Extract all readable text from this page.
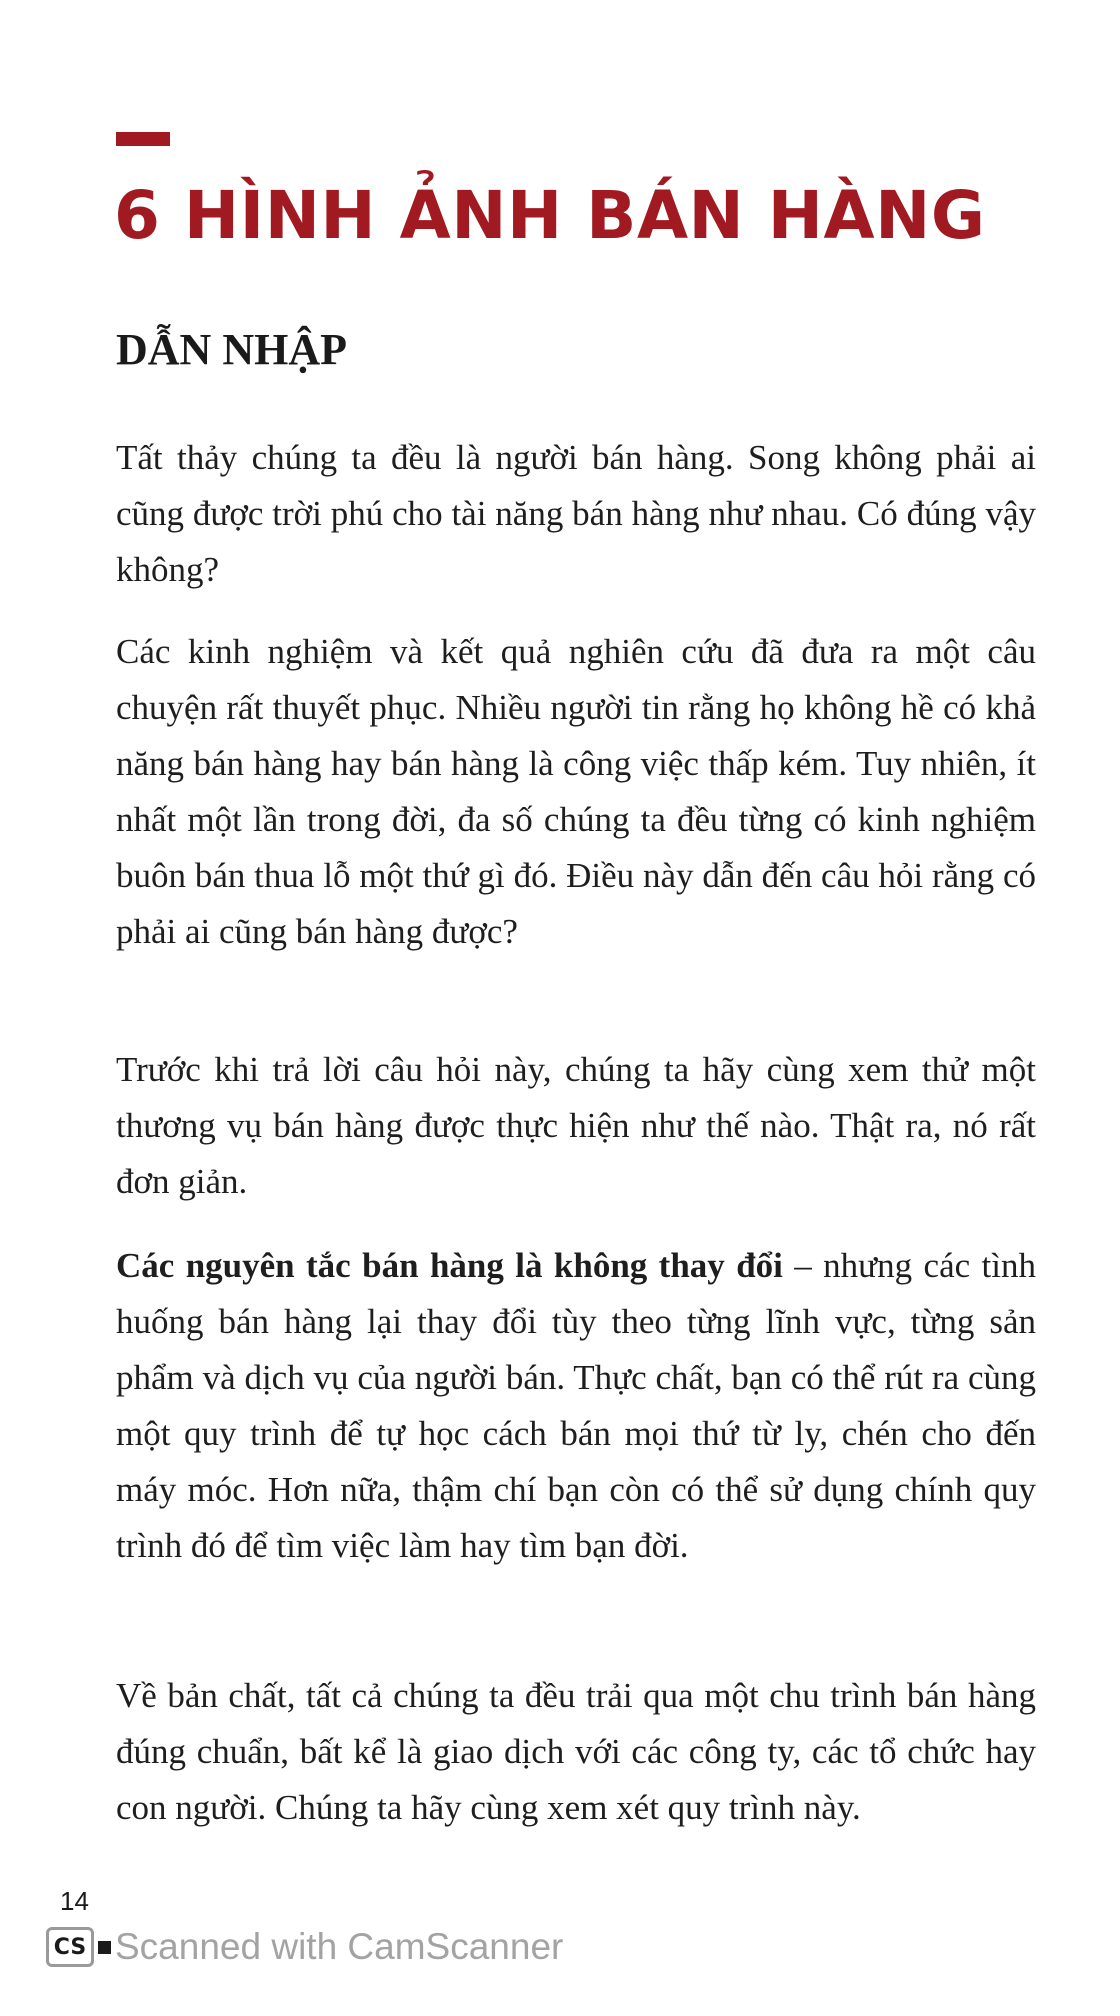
6 HÌNH ẢNH BÁN HÀNG
DẪN NHẬP

Tất thảy chúng ta đều là người bán hàng. Song không phải ai cũng được trời phú cho tài năng bán hàng như nhau. Có đúng vậy không?

Các kinh nghiệm và kết quả nghiên cứu đã đưa ra một câu chuyện rất thuyết phục. Nhiều người tin rằng họ không hề có khả năng bán hàng hay bán hàng là công việc thấp kém. Tuy nhiên, ít nhất một lần trong đời, đa số chúng ta đều từng có kinh nghiệm buôn bán thua lỗ một thứ gì đó. Điều này dẫn đến câu hỏi rằng có phải ai cũng bán hàng được?

Trước khi trả lời câu hỏi này, chúng ta hãy cùng xem thử một thương vụ bán hàng được thực hiện như thế nào. Thật ra, nó rất đơn giản.

Các nguyên tắc bán hàng là không thay đổi – nhưng các tình huống bán hàng lại thay đổi tùy theo từng lĩnh vực, từng sản phẩm và dịch vụ của người bán. Thực chất, bạn có thể rút ra cùng một quy trình để tự học cách bán mọi thứ từ ly, chén cho đến máy móc. Hơn nữa, thậm chí bạn còn có thể sử dụng chính quy trình đó để tìm việc làm hay tìm bạn đời.

Về bản chất, tất cả chúng ta đều trải qua một chu trình bán hàng đúng chuẩn, bất kể là giao dịch với các công ty, các tổ chức hay con người. Chúng ta hãy cùng xem xét quy trình này.

14
CS Scanned with CamScanner
